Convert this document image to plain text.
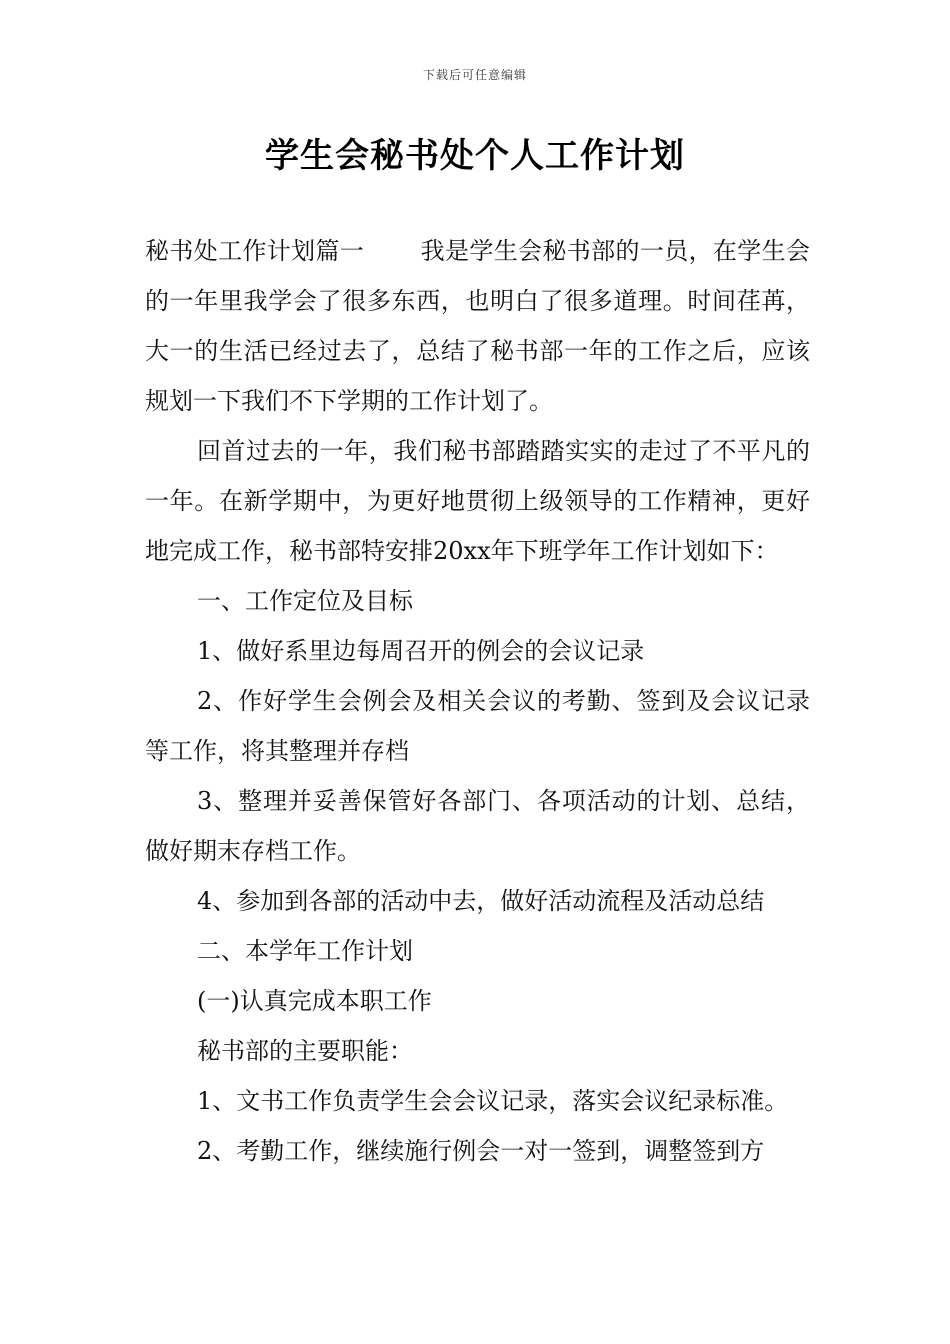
下载后可任意编辑
学生会秘书处个人工作计划

秘书处工作计划篇一 我是学生会秘书部的一员，在学生会的一年里我学会了很多东西，也明白了很多道理。时间荏苒，大一的生活已经过去了，总结了秘书部一年的工作之后，应该规划一下我们不下学期的工作计划了。

回首过去的一年，我们秘书部踏踏实实的走过了不平凡的一年。在新学期中，为更好地贯彻上级领导的工作精神，更好地完成工作，秘书部特安排20xx年下班学年工作计划如下：

一、工作定位及目标

1、做好系里边每周召开的例会的会议记录

2、作好学生会例会及相关会议的考勤、签到及会议记录等工作，将其整理并存档

3、整理并妥善保管好各部门、各项活动的计划、总结，做好期末存档工作。

4、参加到各部的活动中去，做好活动流程及活动总结

二、本学年工作计划

(一)认真完成本职工作

秘书部的主要职能：

1、文书工作负责学生会会议记录，落实会议纪录标准。

2、考勤工作，继续施行例会一对一签到，调整签到方
